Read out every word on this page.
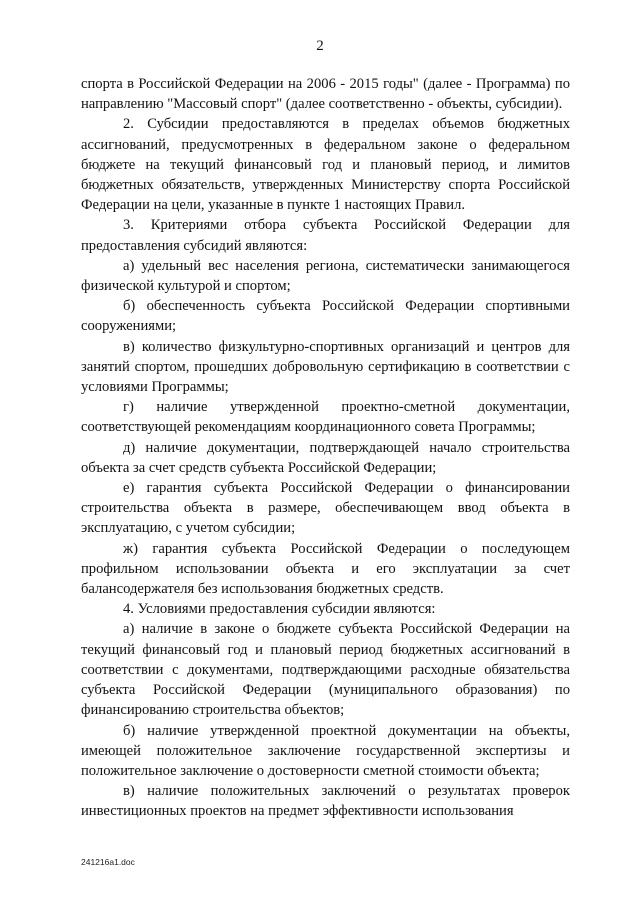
2

спорта в Российской Федерации на 2006 - 2015 годы" (далее - Программа) по направлению "Массовый спорт" (далее соответственно - объекты, субсидии).

2. Субсидии предоставляются в пределах объемов бюджетных ассигнований, предусмотренных в федеральном законе о федеральном бюджете на текущий финансовый год и плановый период, и лимитов бюджетных обязательств, утвержденных Министерству спорта Российской Федерации на цели, указанные в пункте 1 настоящих Правил.

3. Критериями отбора субъекта Российской Федерации для предоставления субсидий являются:

а) удельный вес населения региона, систематически занимающегося физической культурой и спортом;

б) обеспеченность субъекта Российской Федерации спортивными сооружениями;

в) количество физкультурно-спортивных организаций и центров для занятий спортом, прошедших добровольную сертификацию в соответствии с условиями Программы;

г) наличие утвержденной проектно-сметной документации, соответствующей рекомендациям координационного совета Программы;

д) наличие документации, подтверждающей начало строительства объекта за счет средств субъекта Российской Федерации;

е) гарантия субъекта Российской Федерации о финансировании строительства объекта в размере, обеспечивающем ввод объекта в эксплуатацию, с учетом субсидии;

ж) гарантия субъекта Российской Федерации о последующем профильном использовании объекта и его эксплуатации за счет балансодержателя без использования бюджетных средств.

4. Условиями предоставления субсидии являются:

а) наличие в законе о бюджете субъекта Российской Федерации на текущий финансовый год и плановый период бюджетных ассигнований в соответствии с документами, подтверждающими расходные обязательства субъекта Российской Федерации (муниципального образования) по финансированию строительства объектов;

б) наличие утвержденной проектной документации на объекты, имеющей положительное заключение государственной экспертизы и положительное заключение о достоверности сметной стоимости объекта;

в) наличие положительных заключений о результатах проверок инвестиционных проектов на предмет эффективности использования

241216a1.doc
